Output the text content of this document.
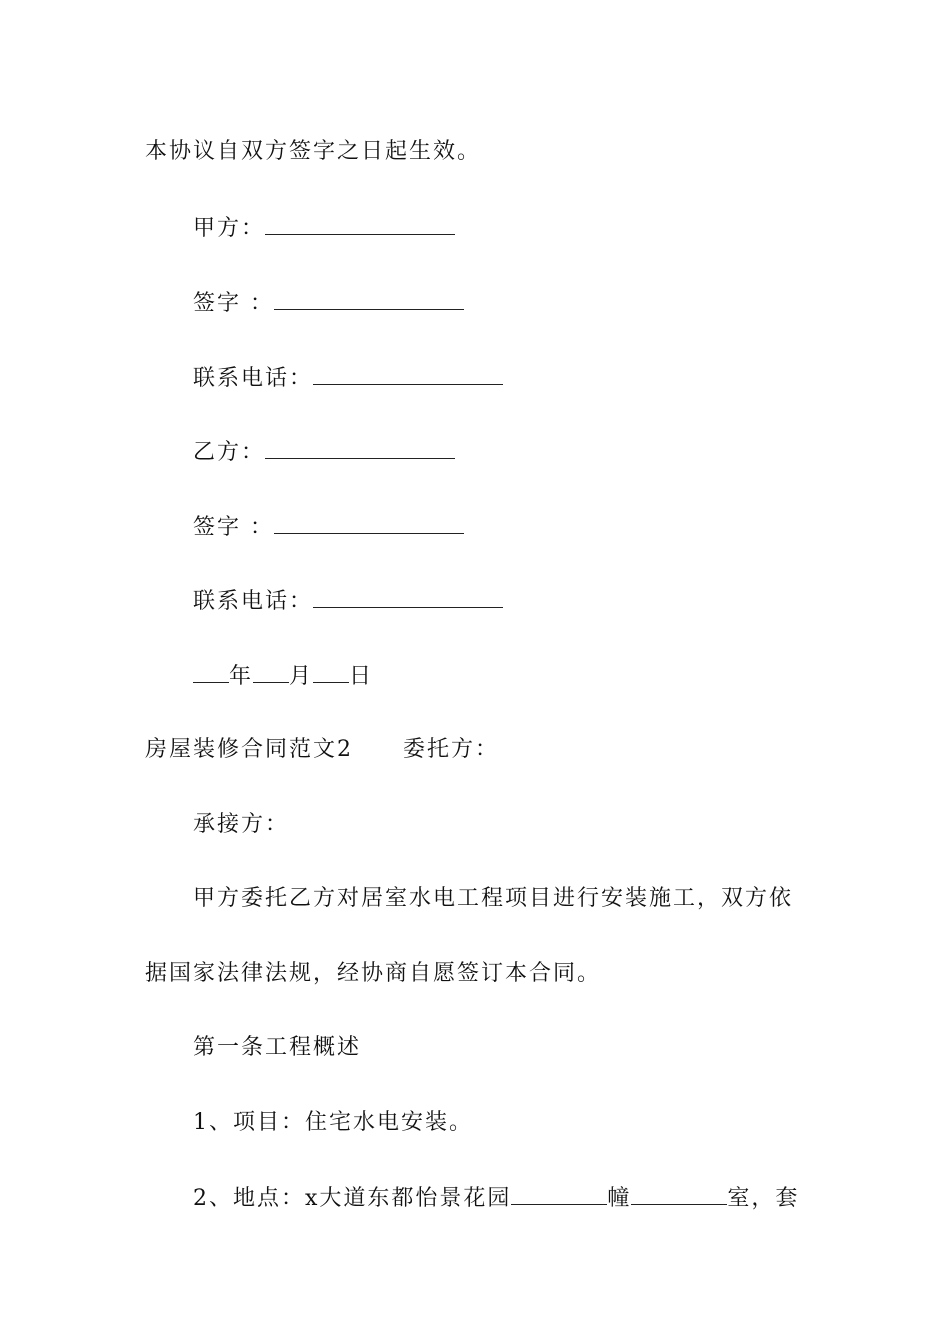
本协议自双方签字之日起生效。
甲方：
签字 ：
联系电话：
乙方：
签字 ：
联系电话：
年 月 日
房屋装修合同范文2 委托方：
承接方：
甲方委托乙方对居室水电工程项目进行安装施工，双方依
据国家法律法规，经协商自愿签订本合同。
第一条工程概述
1、项目：住宅水电安装。
2、地点：x大道东都怡景花园	幢	室，套
